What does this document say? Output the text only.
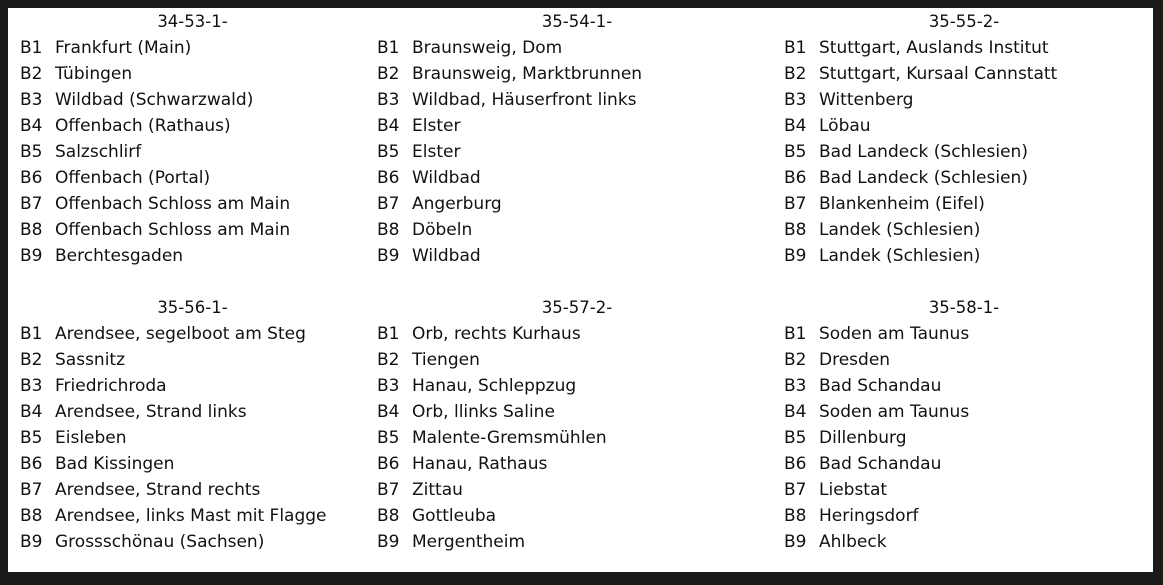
34-53-1-
B1 Frankfurt (Main)
B2 Tübingen
B3 Wildbad (Schwarzwald)
B4 Offenbach (Rathaus)
B5 Salzschlirf
B6 Offenbach (Portal)
B7 Offenbach Schloss am Main
B8 Offenbach Schloss am Main
B9 Berchtesgaden
35-54-1-
B1 Braunsweig, Dom
B2 Braunsweig, Marktbrunnen
B3 Wildbad, Häuserfront links
B4 Elster
B5 Elster
B6 Wildbad
B7 Angerburg
B8 Döbeln
B9 Wildbad
35-55-2-
B1 Stuttgart, Auslands Institut
B2 Stuttgart, Kursaal Cannstatt
B3 Wittenberg
B4 Löbau
B5 Bad Landeck (Schlesien)
B6 Bad Landeck (Schlesien)
B7 Blankenheim (Eifel)
B8 Landek (Schlesien)
B9 Landek (Schlesien)
35-56-1-
B1 Arendsee, segelboot am Steg
B2 Sassnitz
B3 Friedrichroda
B4 Arendsee, Strand links
B5 Eisleben
B6 Bad Kissingen
B7 Arendsee, Strand rechts
B8 Arendsee, links Mast mit Flagge
B9 Grossschönau (Sachsen)
35-57-2-
B1 Orb, rechts Kurhaus
B2 Tiengen
B3 Hanau, Schleppzug
B4 Orb, llinks Saline
B5 Malente-Gremsmühlen
B6 Hanau, Rathaus
B7 Zittau
B8 Gottleuba
B9 Mergentheim
35-58-1-
B1 Soden am Taunus
B2 Dresden
B3 Bad Schandau
B4 Soden am Taunus
B5 Dillenburg
B6 Bad Schandau
B7 Liebstat
B8 Heringsdorf
B9 Ahlbeck
